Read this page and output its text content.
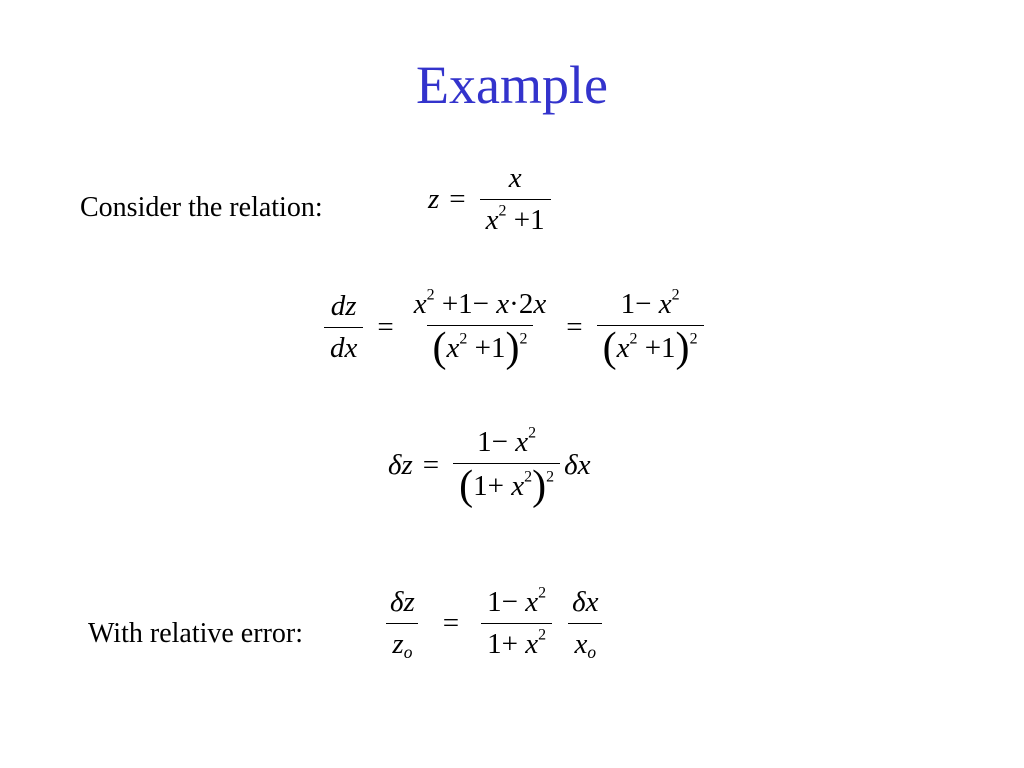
Example
Consider the relation:	$z = \frac{x}{x^2 +1}$
$\frac{dz}{dx} = \frac{x^2 +1- x\cdot 2x}{(x^2 +1)^2} = \frac{1- x^2}{(x^2 +1)^2}$
$\delta z = \frac{1- x^2}{(1+ x^2)^2}$ δx
With relative error:	$\frac{\delta z}{z_o} = \frac{1- x^2}{1+ x^2} \frac{\delta x}{x_o}$
